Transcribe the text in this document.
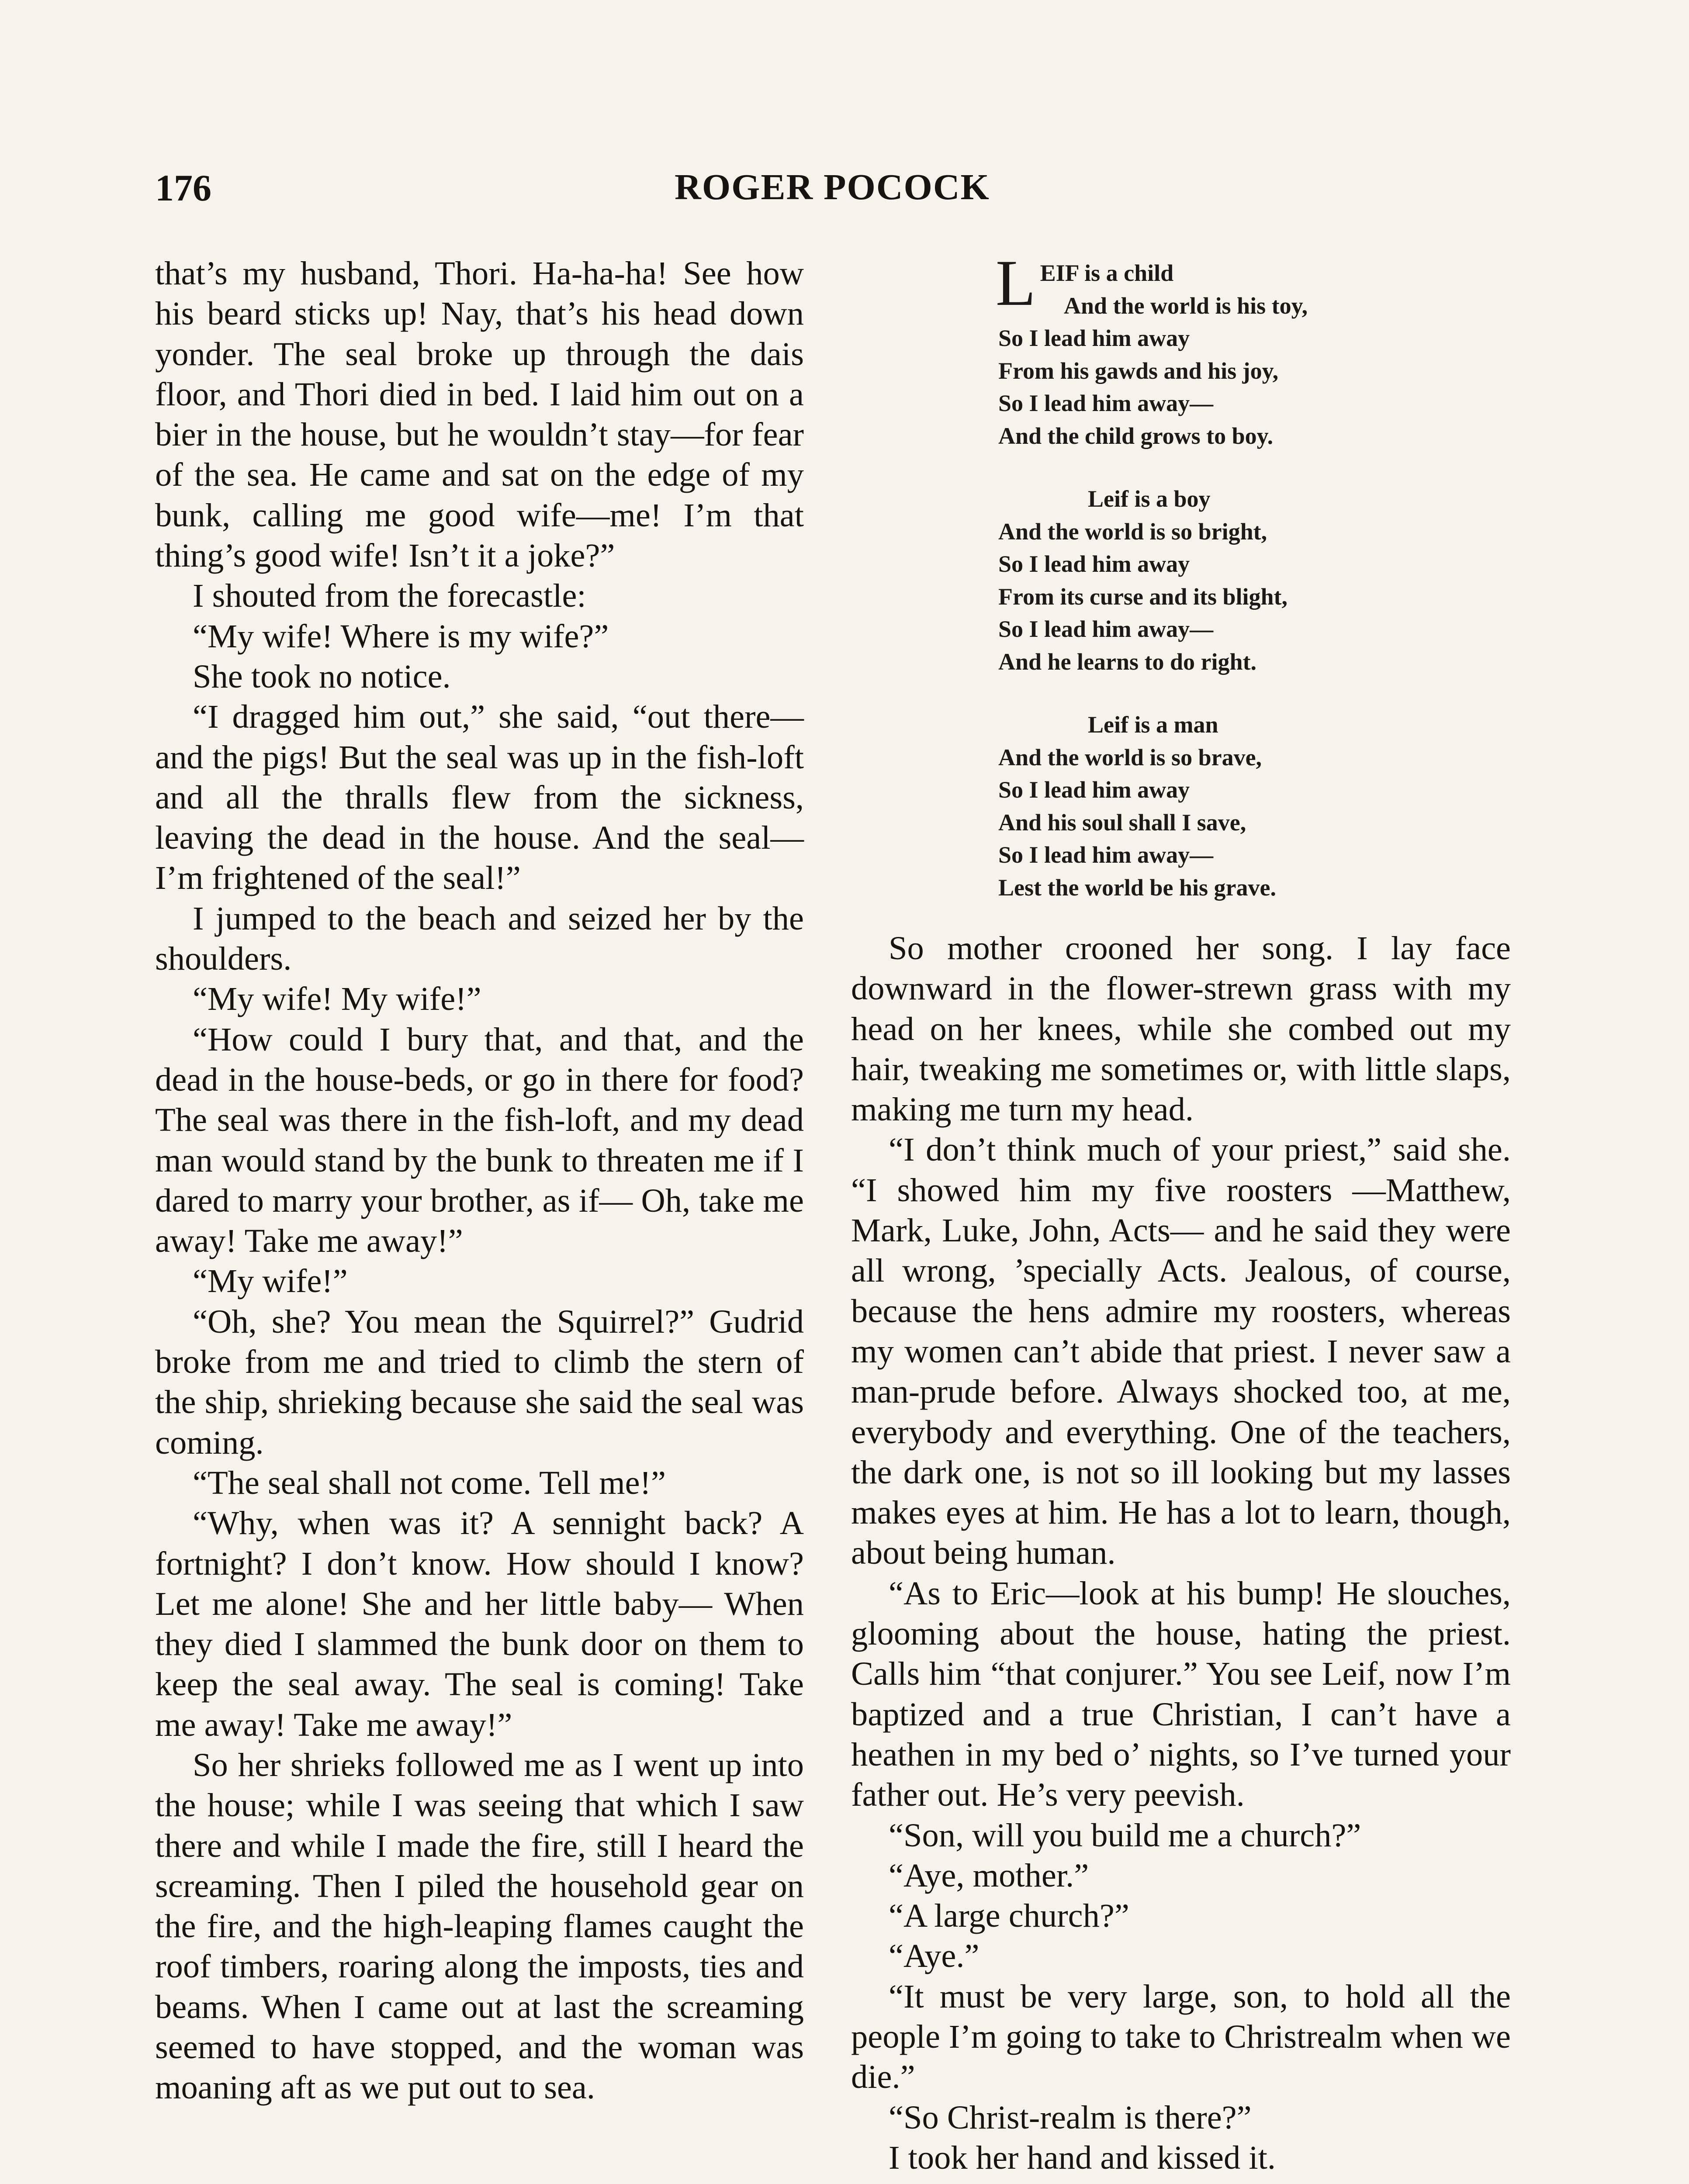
176	ROGER POCOCK

that’s my husband, Thori. Ha-ha-ha! See how his beard sticks up! Nay, that’s his head down yonder. The seal broke up through the dais floor, and Thori died in bed. I laid him out on a bier in the house, but he wouldn’t stay—for fear of the sea. He came and sat on the edge of my bunk, calling me good wife—me! I’m that thing’s good wife! Isn’t it a joke?”

I shouted from the forecastle:

“My wife! Where is my wife?”

She took no notice.

“I dragged him out,” she said, “out there—and the pigs! But the seal was up in the fish-loft and all the thralls flew from the sickness, leaving the dead in the house. And the seal—I’m frightened of the seal!”

I jumped to the beach and seized her by the shoulders.

“My wife! My wife!”

“How could I bury that, and that, and the dead in the house-beds, or go in there for food? The seal was there in the fish-loft, and my dead man would stand by the bunk to threaten me if I dared to marry your brother, as if— Oh, take me away! Take me away!”

“My wife!”

“Oh, she? You mean the Squirrel?” Gudrid broke from me and tried to climb the stern of the ship, shrieking because she said the seal was coming.

“The seal shall not come. Tell me!”

“Why, when was it? A sennight back? A fortnight? I don’t know. How should I know? Let me alone! She and her little baby— When they died I slammed the bunk door on them to keep the seal away. The seal is coming! Take me away! Take me away!”

So her shrieks followed me as I went up into the house; while I was seeing that which I saw there and while I made the fire, still I heard the screaming. Then I piled the household gear on the fire, and the high-leaping flames caught the roof timbers, roaring along the imposts, ties and beams. When I came out at last the screaming seemed to have stopped, and the woman was moaning aft as we put out to sea.

L EIF is a child
And the world is his toy,
So I lead him away
From his gawds and his joy,
So I lead him away—
And the child grows to boy.
Leif is a boy
And the world is so bright,
So I lead him away
From its curse and its blight,
So I lead him away—
And he learns to do right.
Leif is a man
And the world is so brave,
So I lead him away
And his soul shall I save,
So I lead him away—
Lest the world be his grave.

So mother crooned her song. I lay face downward in the flower-strewn grass with my head on her knees, while she combed out my hair, tweaking me sometimes or, with little slaps, making me turn my head.

“I don’t think much of your priest,” said she. “I showed him my five roosters —Matthew, Mark, Luke, John, Acts— and he said they were all wrong, ’specially Acts. Jealous, of course, because the hens admire my roosters, whereas my women can’t abide that priest. I never saw a man-prude before. Always shocked too, at me, everybody and everything. One of the teachers, the dark one, is not so ill looking but my lasses makes eyes at him. He has a lot to learn, though, about being human.

“As to Eric—look at his bump! He slouches, glooming about the house, hating the priest. Calls him “that conjurer.” You see Leif, now I’m baptized and a true Christian, I can’t have a heathen in my bed o’ nights, so I’ve turned your father out. He’s very peevish.

“Son, will you build me a church?”

“Aye, mother.”

“A large church?”

“Aye.”

“It must be very large, son, to hold all the people I’m going to take to Christrealm when we die.”

“So Christ-realm is there?”

I took her hand and kissed it.
